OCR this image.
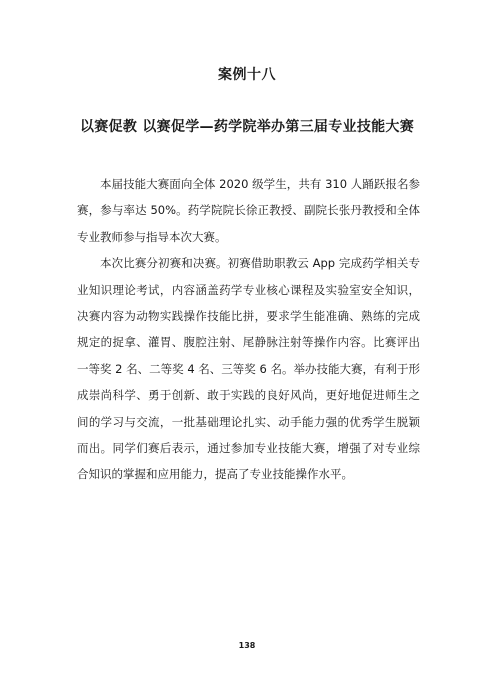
案例十八
以赛促教 以赛促学—药学院举办第三届专业技能大赛

本届技能大赛面向全体 2020 级学生，共有 310 人踊跃报名参赛，参与率达 50%。药学院院长徐正教授、副院长张丹教授和全体专业教师参与指导本次大赛。

本次比赛分初赛和决赛。初赛借助职教云 App 完成药学相关专业知识理论考试，内容涵盖药学专业核心课程及实验室安全知识，决赛内容为动物实践操作技能比拼，要求学生能准确、熟练的完成规定的捉拿、灌胃、腹腔注射、尾静脉注射等操作内容。比赛评出一等奖 2 名、二等奖 4 名、三等奖 6 名。举办技能大赛，有利于形成崇尚科学、勇于创新、敢于实践的良好风尚，更好地促进师生之间的学习与交流，一批基础理论扎实、动手能力强的优秀学生脱颖而出。同学们赛后表示，通过参加专业技能大赛，增强了对专业综合知识的掌握和应用能力，提高了专业技能操作水平。

138
